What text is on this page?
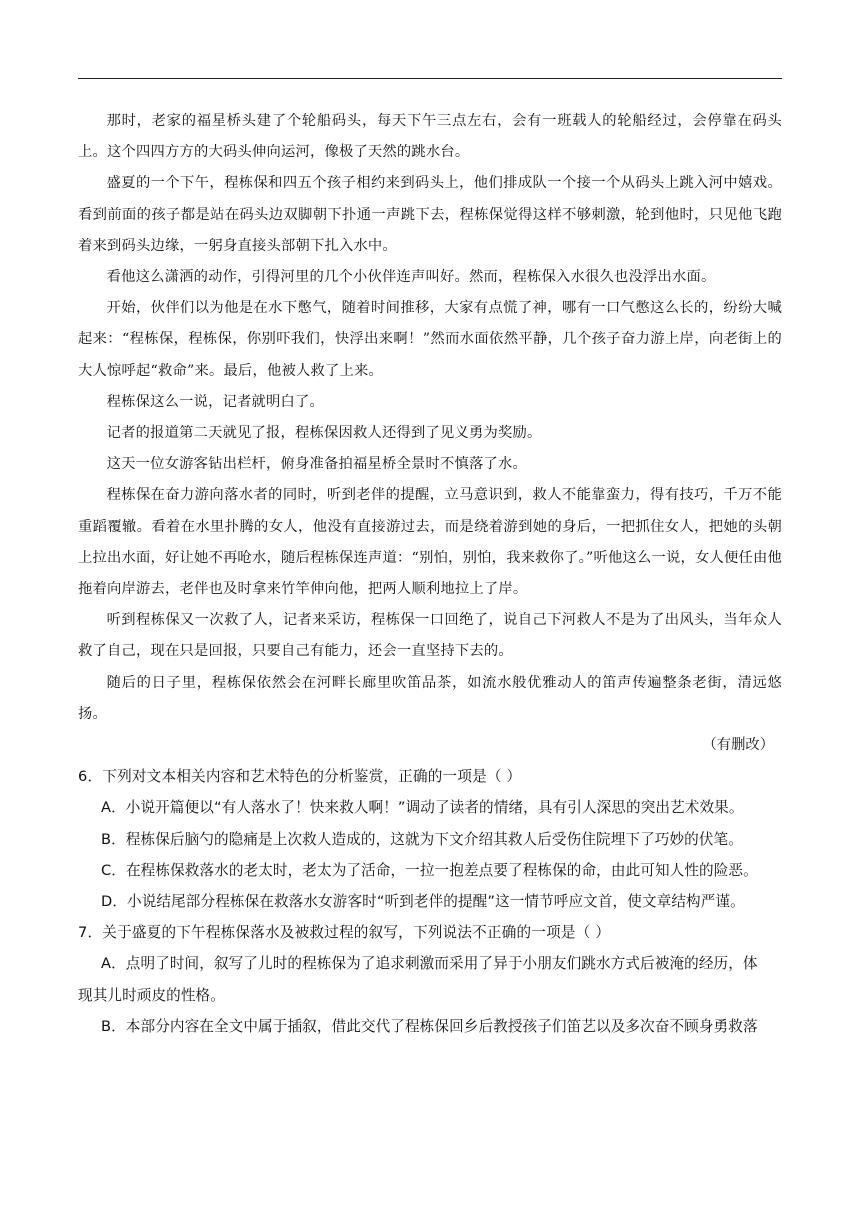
那时，老家的福星桥头建了个轮船码头，每天下午三点左右，会有一班载人的轮船经过，会停靠在码头上。这个四四方方的大码头伸向运河，像极了天然的跳水台。

盛夏的一个下午，程栋保和四五个孩子相约来到码头上，他们排成队一个接一个从码头上跳入河中嬉戏。看到前面的孩子都是站在码头边双脚朝下扑通一声跳下去，程栋保觉得这样不够刺激，轮到他时，只见他飞跑着来到码头边缘，一躬身直接头部朝下扎入水中。

看他这么潇洒的动作，引得河里的几个小伙伴连声叫好。然而，程栋保入水很久也没浮出水面。

开始，伙伴们以为他是在水下憋气，随着时间推移，大家有点慌了神，哪有一口气憋这么长的，纷纷大喊起来：“程栋保，程栋保，你别吓我们，快浮出来啊！”然而水面依然平静，几个孩子奋力游上岸，向老街上的大人惊呼起“救命”来。最后，他被人救了上来。

程栋保这么一说，记者就明白了。

记者的报道第二天就见了报，程栋保因救人还得到了见义勇为奖励。

这天一位女游客钻出栏杆，俯身准备拍福星桥全景时不慎落了水。

程栋保在奋力游向落水者的同时，听到老伴的提醒，立马意识到，救人不能靠蛮力，得有技巧，千万不能重蹈覆辙。看着在水里扑腾的女人，他没有直接游过去，而是绕着游到她的身后，一把抓住女人，把她的头朝上拉出水面，好让她不再呛水，随后程栋保连声道：“别怕，别怕，我来救你了。”听他这么一说，女人便任由他拖着向岸游去，老伴也及时拿来竹竿伸向他，把两人顺利地拉上了岸。

听到程栋保又一次救了人，记者来采访，程栋保一口回绝了，说自己下河救人不是为了出风头，当年众人救了自己，现在只是回报，只要自己有能力，还会一直坚持下去的。

随后的日子里，程栋保依然会在河畔长廊里吹笛品茶，如流水般优雅动人的笛声传遍整条老街，清远悠扬。

（有删改）

6．下列对文本相关内容和艺术特色的分析鉴赏，正确的一项是（ ）

A．小说开篇便以“有人落水了！快来救人啊！”调动了读者的情绪，具有引人深思的突出艺术效果。

B．程栋保后脑勺的隐痛是上次救人造成的，这就为下文介绍其救人后受伤住院埋下了巧妙的伏笔。

C．在程栋保救落水的老太时，老太为了活命，一拉一抱差点要了程栋保的命，由此可知人性的险恶。

D．小说结尾部分程栋保在救落水女游客时“听到老伴的提醒”这一情节呼应文首，使文章结构严谨。

7．关于盛夏的下午程栋保落水及被救过程的叙写，下列说法不正确的一项是（ ）

A．点明了时间，叙写了儿时的程栋保为了追求刺激而采用了异于小朋友们跳水方式后被淹的经历，体

现其儿时顽皮的性格。

B．本部分内容在全文中属于插叙，借此交代了程栋保回乡后教授孩子们笛艺以及多次奋不顾身勇救落
